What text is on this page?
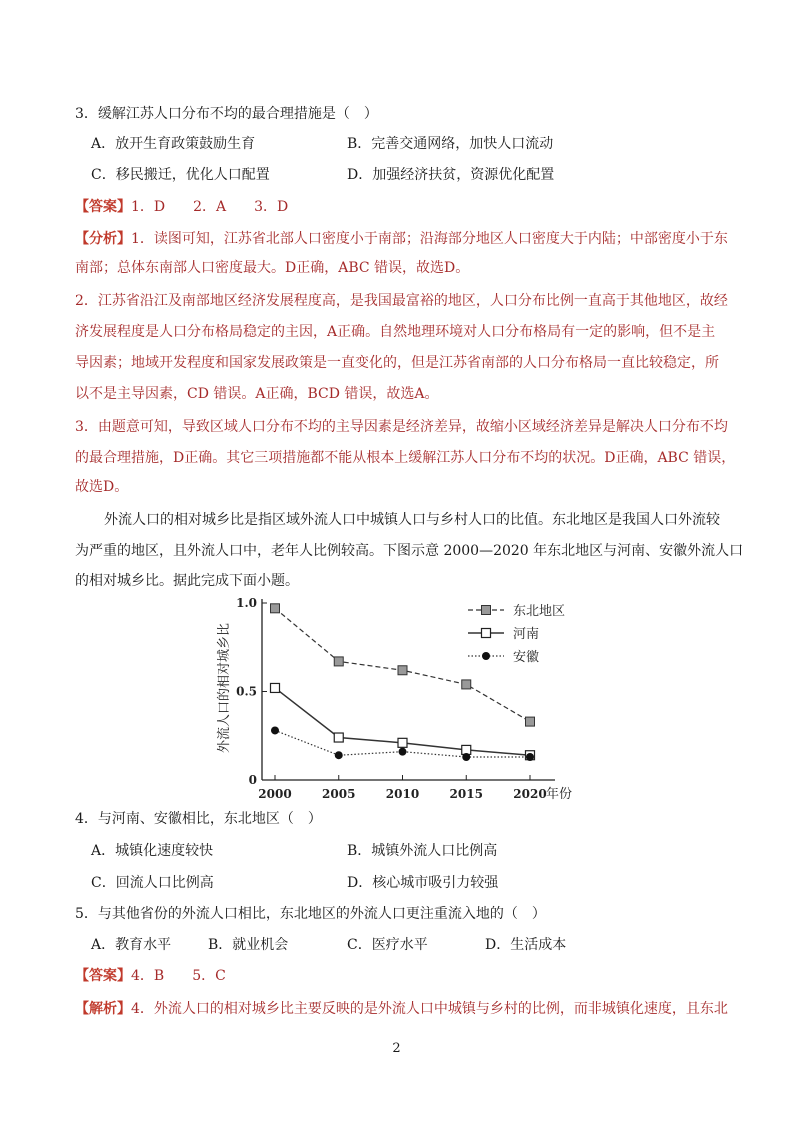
3．缓解江苏人口分布不均的最合理措施是（　）
A．放开生育政策鼓励生育	B．完善交通网络，加快人口流动
C．移民搬迁，优化人口配置	D．加强经济扶贫，资源优化配置
【答案】1．D　　2．A　　3．D
【分析】1．读图可知，江苏省北部人口密度小于南部；沿海部分地区人口密度大于内陆；中部密度小于东
南部；总体东南部人口密度最大。D正确，ABC 错误，故选D。
2．江苏省沿江及南部地区经济发展程度高，是我国最富裕的地区，人口分布比例一直高于其他地区，故经
济发展程度是人口分布格局稳定的主因，A正确。自然地理环境对人口分布格局有一定的影响，但不是主
导因素；地域开发程度和国家发展政策是一直变化的，但是江苏省南部的人口分布格局一直比较稳定，所
以不是主导因素，CD 错误。A正确，BCD 错误，故选A。
3．由题意可知，导致区域人口分布不均的主导因素是经济差异，故缩小区域经济差异是解决人口分布不均
的最合理措施，D正确。其它三项措施都不能从根本上缓解江苏人口分布不均的状况。D正确，ABC 错误，
故选D。
外流人口的相对城乡比是指区域外流人口中城镇人口与乡村人口的比值。东北地区是我国人口外流较
为严重的地区，且外流人口中，老年人比例较高。下图示意 2000—2020 年东北地区与河南、安徽外流人口
的相对城乡比。据此完成下面小题。
0
0.5
1.0
2000	2005	2010	2015	2020 年份
外流人口的相对城乡比
东北地区
河南
安徽
4．与河南、安徽相比，东北地区（　）
A．城镇化速度较快	B．城镇外流人口比例高
C．回流人口比例高	D．核心城市吸引力较强
5．与其他省份的外流人口相比，东北地区的外流人口更注重流入地的（　）
A．教育水平	B．就业机会	C．医疗水平	D．生活成本
【答案】4．B　　5．C
【解析】4．外流人口的相对城乡比主要反映的是外流人口中城镇与乡村的比例，而非城镇化速度，且东北
2
